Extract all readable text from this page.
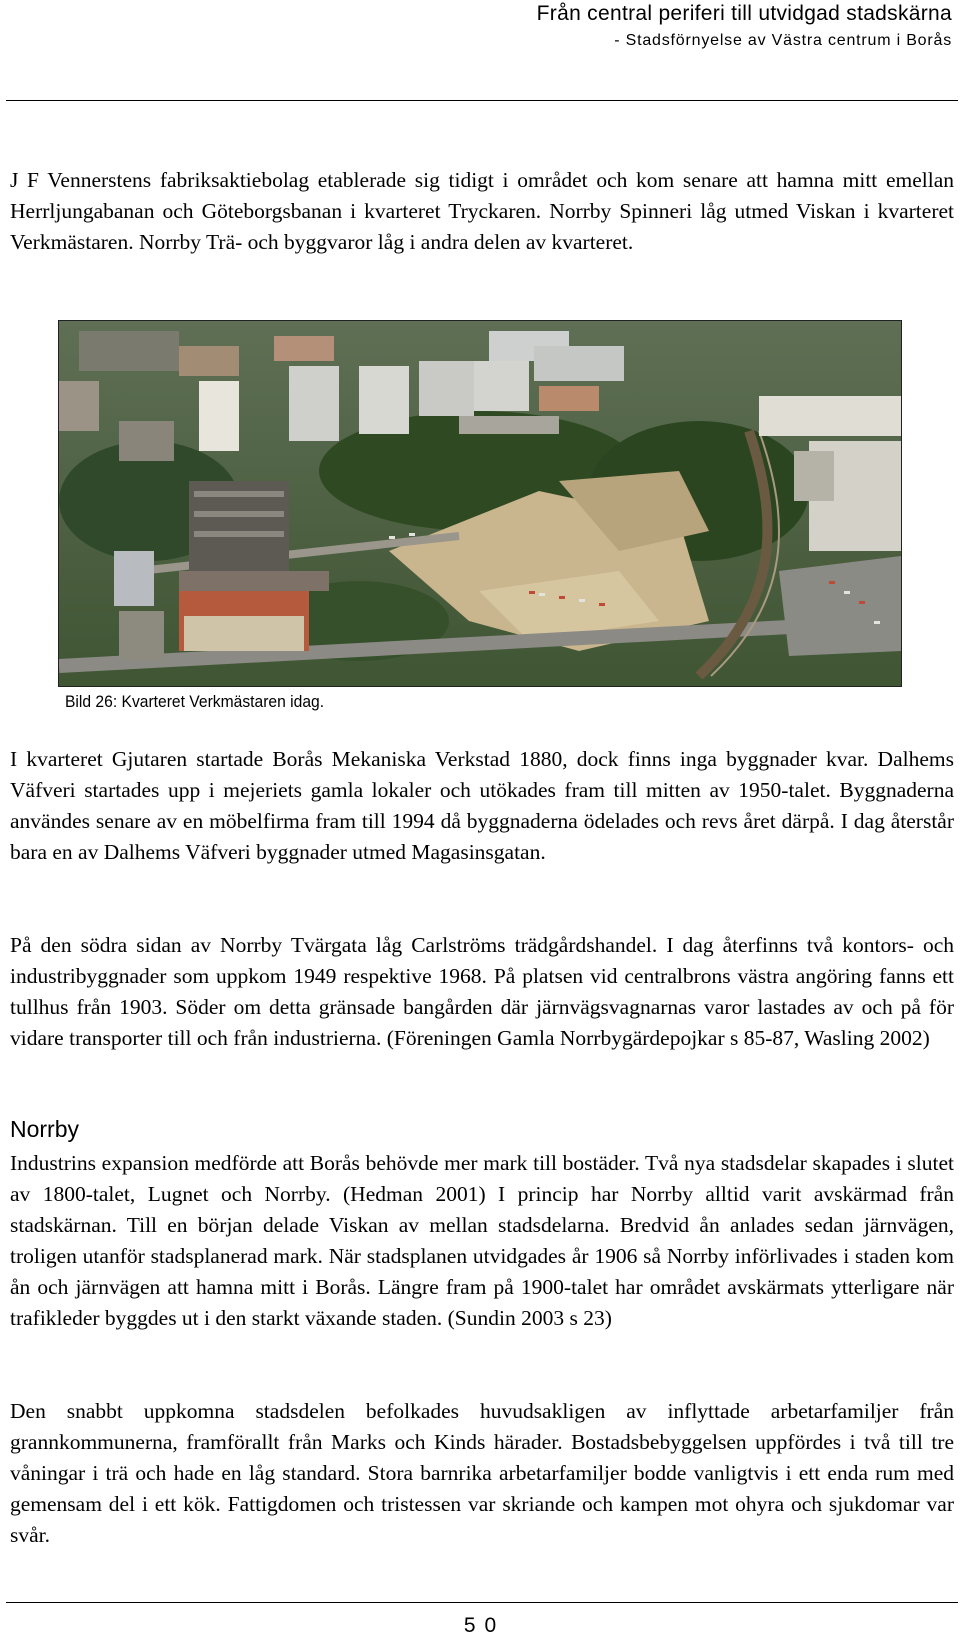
Från central periferi till utvidgad stadskärna
- Stadsförnyelse av Västra centrum i Borås

J F Vennerstens fabriksaktiebolag etablerade sig tidigt i området och kom senare att hamna mitt emellan Herrljungabanan och Göteborgsbanan i kvarteret Tryckaren. Norrby Spinneri låg utmed Viskan i kvarteret Verkmästaren. Norrby Trä- och byggvaror låg i andra delen av kvarteret.

Bild 26: Kvarteret Verkmästaren idag.

I kvarteret Gjutaren startade Borås Mekaniska Verkstad 1880, dock finns inga byggnader kvar. Dalhems Väfveri startades upp i mejeriets gamla lokaler och utökades fram till mitten av 1950-talet. Byggnaderna användes senare av en möbelfirma fram till 1994 då byggnaderna ödelades och revs året därpå. I dag återstår bara en av Dalhems Väfveri byggnader utmed Magasinsgatan.

På den södra sidan av Norrby Tvärgata låg Carlströms trädgårdshandel. I dag återfinns två kontors- och industribyggnader som uppkom 1949 respektive 1968. På platsen vid centralbrons västra angöring fanns ett tullhus från 1903. Söder om detta gränsade bangården där järnvägsvagnarnas varor lastades av och på för vidare transporter till och från industrierna. (Föreningen Gamla Norrbygärdepojkar s 85-87, Wasling 2002)

Norrby

Industrins expansion medförde att Borås behövde mer mark till bostäder. Två nya stadsdelar skapades i slutet av 1800-talet, Lugnet och Norrby. (Hedman 2001) I princip har Norrby alltid varit avskärmad från stadskärnan. Till en början delade Viskan av mellan stadsdelarna. Bredvid ån anlades sedan järnvägen, troligen utanför stadsplanerad mark. När stadsplanen utvidgades år 1906 så Norrby införlivades i staden kom ån och järnvägen att hamna mitt i Borås. Längre fram på 1900-talet har området avskärmats ytterligare när trafikleder byggdes ut i den starkt växande staden. (Sundin 2003 s 23)

Den snabbt uppkomna stadsdelen befolkades huvudsakligen av inflyttade arbetarfamiljer från grannkommunerna, framförallt från Marks och Kinds härader. Bostadsbebyggelsen uppfördes i två till tre våningar i trä och hade en låg standard. Stora barnrika arbetarfamiljer bodde vanligtvis i ett enda rum med gemensam del i ett kök. Fattigdomen och tristessen var skriande och kampen mot ohyra och sjukdomar var svår.

50
